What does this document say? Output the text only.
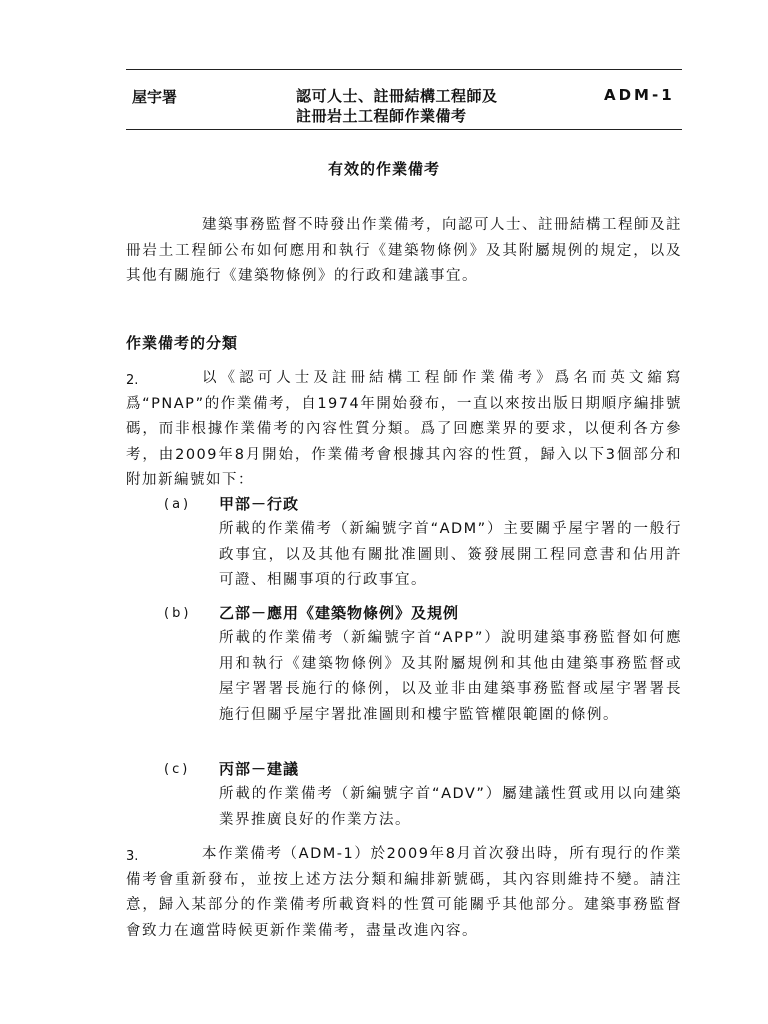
屋宇署	認可人士、註冊結構工程師及
註冊岩土工程師作業備考
ADM-1
有效的作業備考
建築事務監督不時發出作業備考，向認可人士、註冊結構工程師及註冊岩土工程師公布如何應用和執行《建築物條例》及其附屬規例的規定，以及其他有關施行《建築物條例》的行政和建議事宜。
作業備考的分類
2.	以《認可人士及註冊結構工程師作業備考》爲名而英文縮寫爲“PNAP”的作業備考，自1974年開始發布，一直以來按出版日期順序編排號碼，而非根據作業備考的內容性質分類。爲了回應業界的要求，以便利各方參考，由2009年8月開始，作業備考會根據其內容的性質，歸入以下3個部分和附加新編號如下：
(a) 甲部－行政
所載的作業備考（新編號字首“ADM”）主要關乎屋宇署的一般行政事宜，以及其他有關批准圖則、簽發展開工程同意書和佔用許可證、相關事項的行政事宜。
(b) 乙部－應用《建築物條例》及規例
所載的作業備考（新編號字首“APP”）說明建築事務監督如何應用和執行《建築物條例》及其附屬規例和其他由建築事務監督或屋宇署署長施行的條例，以及並非由建築事務監督或屋宇署署長施行但關乎屋宇署批准圖則和樓宇監管權限範圍的條例。
(c) 丙部－建議
所載的作業備考（新編號字首“ADV”）屬建議性質或用以向建築業界推廣良好的作業方法。
3.	本作業備考（ADM-1）於2009年8月首次發出時，所有現行的作業備考會重新發布，並按上述方法分類和編排新號碼，其內容則維持不變。請注意，歸入某部分的作業備考所載資料的性質可能關乎其他部分。建築事務監督會致力在適當時候更新作業備考，盡量改進內容。
